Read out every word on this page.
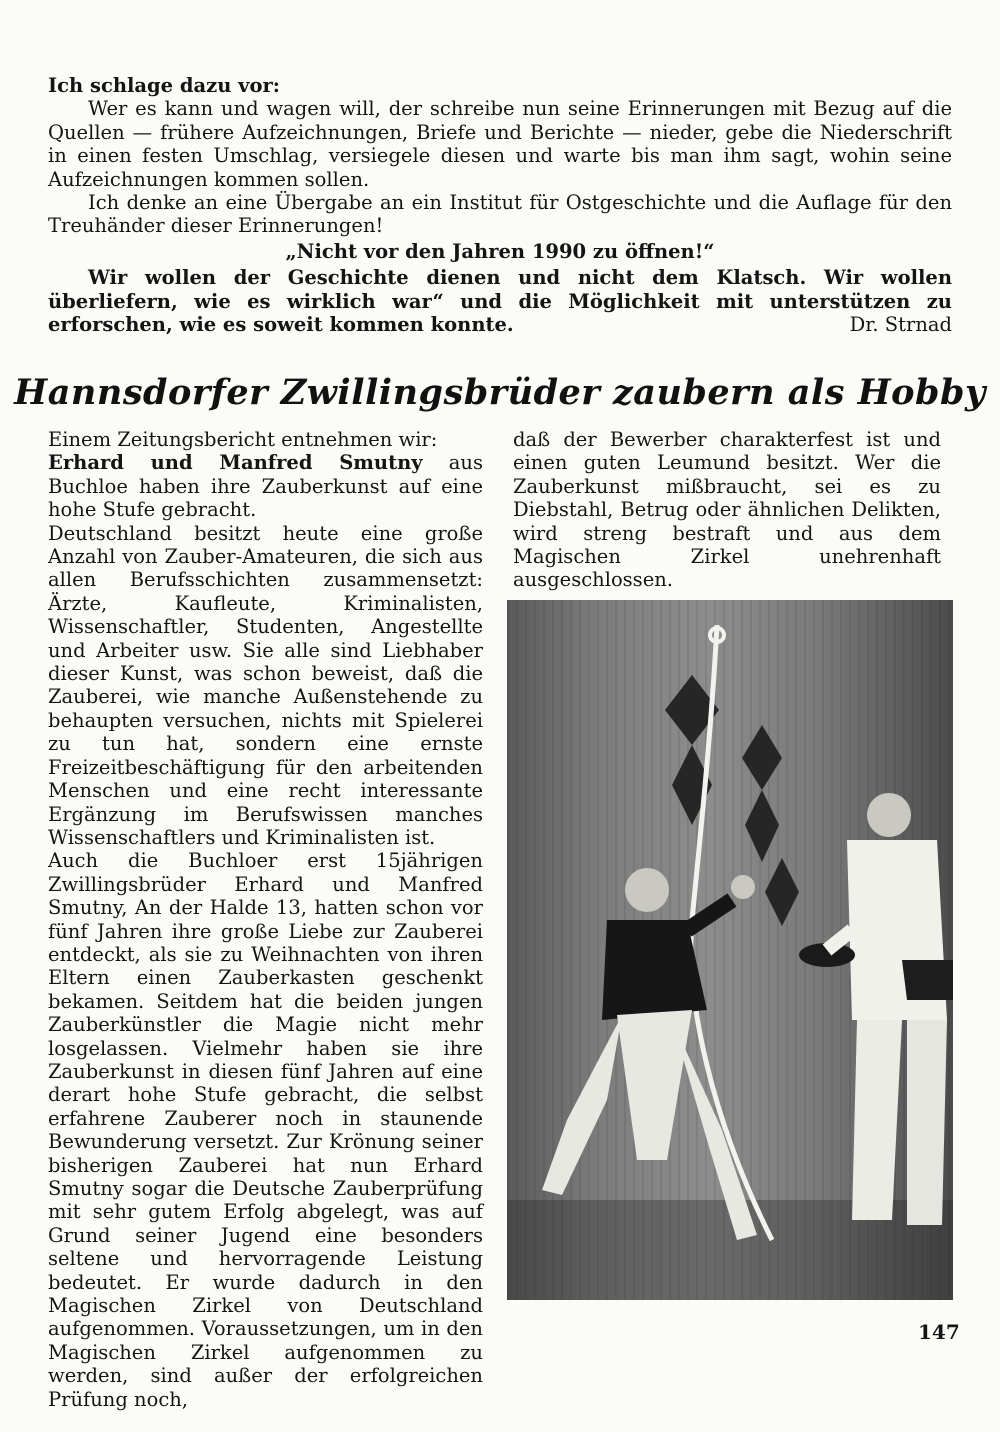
Ich schlage dazu vor:

Wer es kann und wagen will, der schreibe nun seine Erinnerungen mit Bezug auf die Quellen — frühere Aufzeichnungen, Briefe und Berichte — nieder, gebe die Niederschrift in einen festen Umschlag, versiegele diesen und warte bis man ihm sagt, wohin seine Aufzeichnungen kommen sollen.

Ich denke an eine Übergabe an ein Institut für Ostgeschichte und die Auflage für den Treuhänder dieser Erinnerungen!

„Nicht vor den Jahren 1990 zu öffnen!“

Wir wollen der Geschichte dienen und nicht dem Klatsch. Wir wollen überliefern, wie es wirklich war“ und die Möglichkeit mit unterstützen zu erforschen, wie es soweit kommen konnte.	Dr. Strnad

Hannsdorfer Zwillingsbrüder zaubern als Hobby

Einem Zeitungsbericht entnehmen wir:

Erhard und Manfred Smutny aus Buchloe haben ihre Zauberkunst auf eine hohe Stufe gebracht.

Deutschland besitzt heute eine große Anzahl von Zauber-Amateuren, die sich aus allen Berufsschichten zusammensetzt: Ärzte, Kaufleute, Kriminalisten, Wissenschaftler, Studenten, Angestellte und Arbeiter usw. Sie alle sind Liebhaber dieser Kunst, was schon beweist, daß die Zauberei, wie manche Außenstehende zu behaupten versuchen, nichts mit Spielerei zu tun hat, sondern eine ernste Freizeitbeschäftigung für den arbeitenden Menschen und eine recht interessante Ergänzung im Berufswissen manches Wissenschaftlers und Kriminalisten ist.

Auch die Buchloer erst 15jährigen Zwillingsbrüder Erhard und Manfred Smutny, An der Halde 13, hatten schon vor fünf Jahren ihre große Liebe zur Zauberei entdeckt, als sie zu Weihnachten von ihren Eltern einen Zauberkasten geschenkt bekamen. Seitdem hat die beiden jungen Zauberkünstler die Magie nicht mehr losgelassen. Vielmehr haben sie ihre Zauberkunst in diesen fünf Jahren auf eine derart hohe Stufe gebracht, die selbst erfahrene Zauberer noch in staunende Bewunderung versetzt. Zur Krönung seiner bisherigen Zauberei hat nun Erhard Smutny sogar die Deutsche Zauberprüfung mit sehr gutem Erfolg abgelegt, was auf Grund seiner Jugend eine besonders seltene und hervorragende Leistung bedeutet. Er wurde dadurch in den Magischen Zirkel von Deutschland aufgenommen. Voraussetzungen, um in den Magischen Zirkel aufgenommen zu werden, sind außer der erfolgreichen Prüfung noch,

daß der Bewerber charakterfest ist und einen guten Leumund besitzt. Wer die Zauberkunst mißbraucht, sei es zu Diebstahl, Betrug oder ähnlichen Delikten, wird streng bestraft und aus dem Magischen Zirkel unehrenhaft ausgeschlossen.

147
